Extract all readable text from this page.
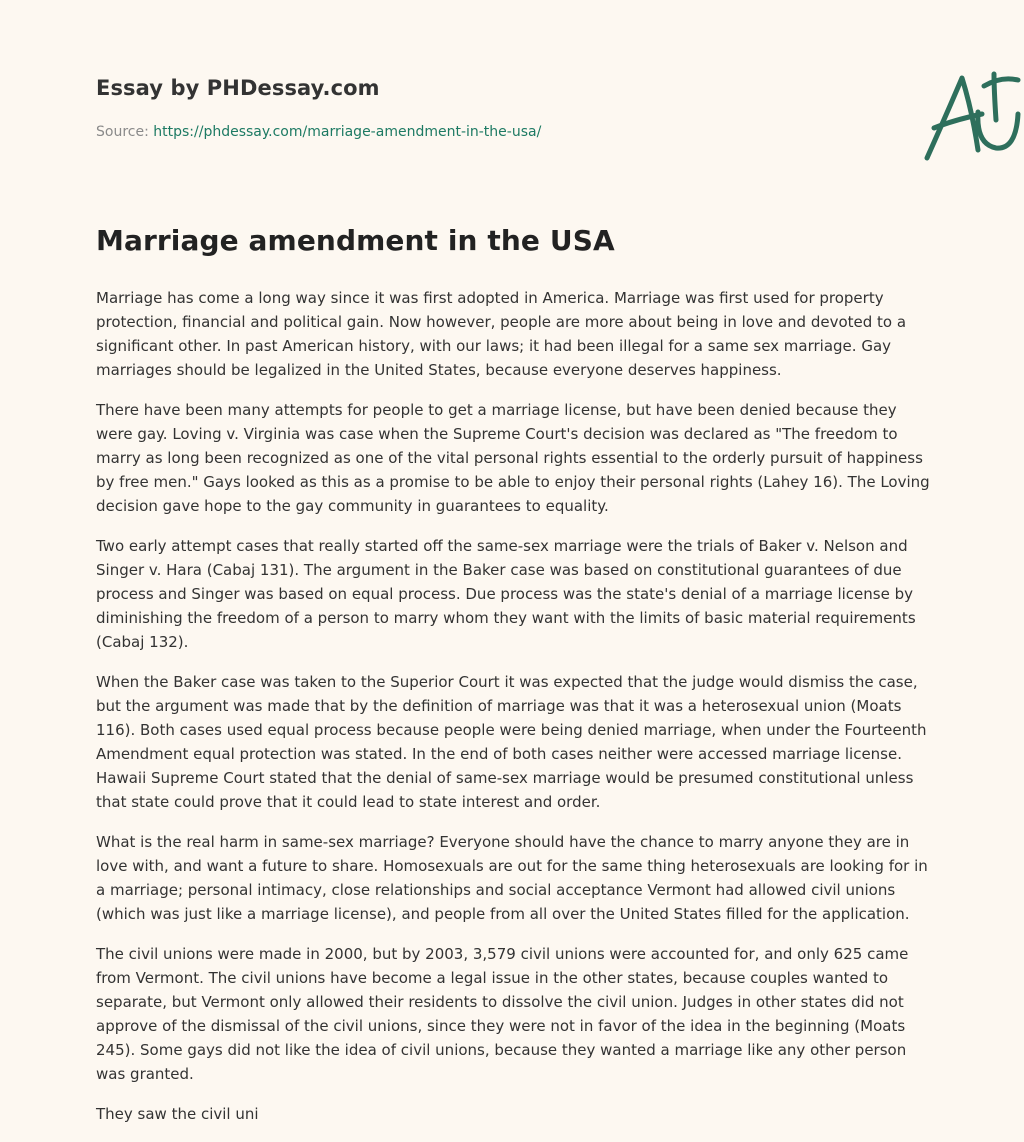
Essay by PHDessay.com
Source: https://phdessay.com/marriage-amendment-in-the-usa/
Marriage amendment in the USA

Marriage has come a long way since it was first adopted in America. Marriage was first used for property protection, financial and political gain. Now however, people are more about being in love and devoted to a significant other. In past American history, with our laws; it had been illegal for a same sex marriage. Gay marriages should be legalized in the United States, because everyone deserves happiness.

There have been many attempts for people to get a marriage license, but have been denied because they were gay. Loving v. Virginia was case when the Supreme Court's decision was declared as "The freedom to marry as long been recognized as one of the vital personal rights essential to the orderly pursuit of happiness by free men." Gays looked as this as a promise to be able to enjoy their personal rights (Lahey 16). The Loving decision gave hope to the gay community in guarantees to equality.

Two early attempt cases that really started off the same-sex marriage were the trials of Baker v. Nelson and Singer v. Hara (Cabaj 131). The argument in the Baker case was based on constitutional guarantees of due process and Singer was based on equal process. Due process was the state's denial of a marriage license by diminishing the freedom of a person to marry whom they want with the limits of basic material requirements (Cabaj 132).

When the Baker case was taken to the Superior Court it was expected that the judge would dismiss the case, but the argument was made that by the definition of marriage was that it was a heterosexual union (Moats 116). Both cases used equal process because people were being denied marriage, when under the Fourteenth Amendment equal protection was stated. In the end of both cases neither were accessed marriage license. Hawaii Supreme Court stated that the denial of same-sex marriage would be presumed constitutional unless that state could prove that it could lead to state interest and order.

What is the real harm in same-sex marriage? Everyone should have the chance to marry anyone they are in love with, and want a future to share. Homosexuals are out for the same thing heterosexuals are looking for in a marriage; personal intimacy, close relationships and social acceptance Vermont had allowed civil unions (which was just like a marriage license), and people from all over the United States filled for the application.

The civil unions were made in 2000, but by 2003, 3,579 civil unions were accounted for, and only 625 came from Vermont. The civil unions have become a legal issue in the other states, because couples wanted to separate, but Vermont only allowed their residents to dissolve the civil union. Judges in other states did not approve of the dismissal of the civil unions, since they were not in favor of the idea in the beginning (Moats 245). Some gays did not like the idea of civil unions, because they wanted a marriage like any other person was granted.

They saw the civil uni
